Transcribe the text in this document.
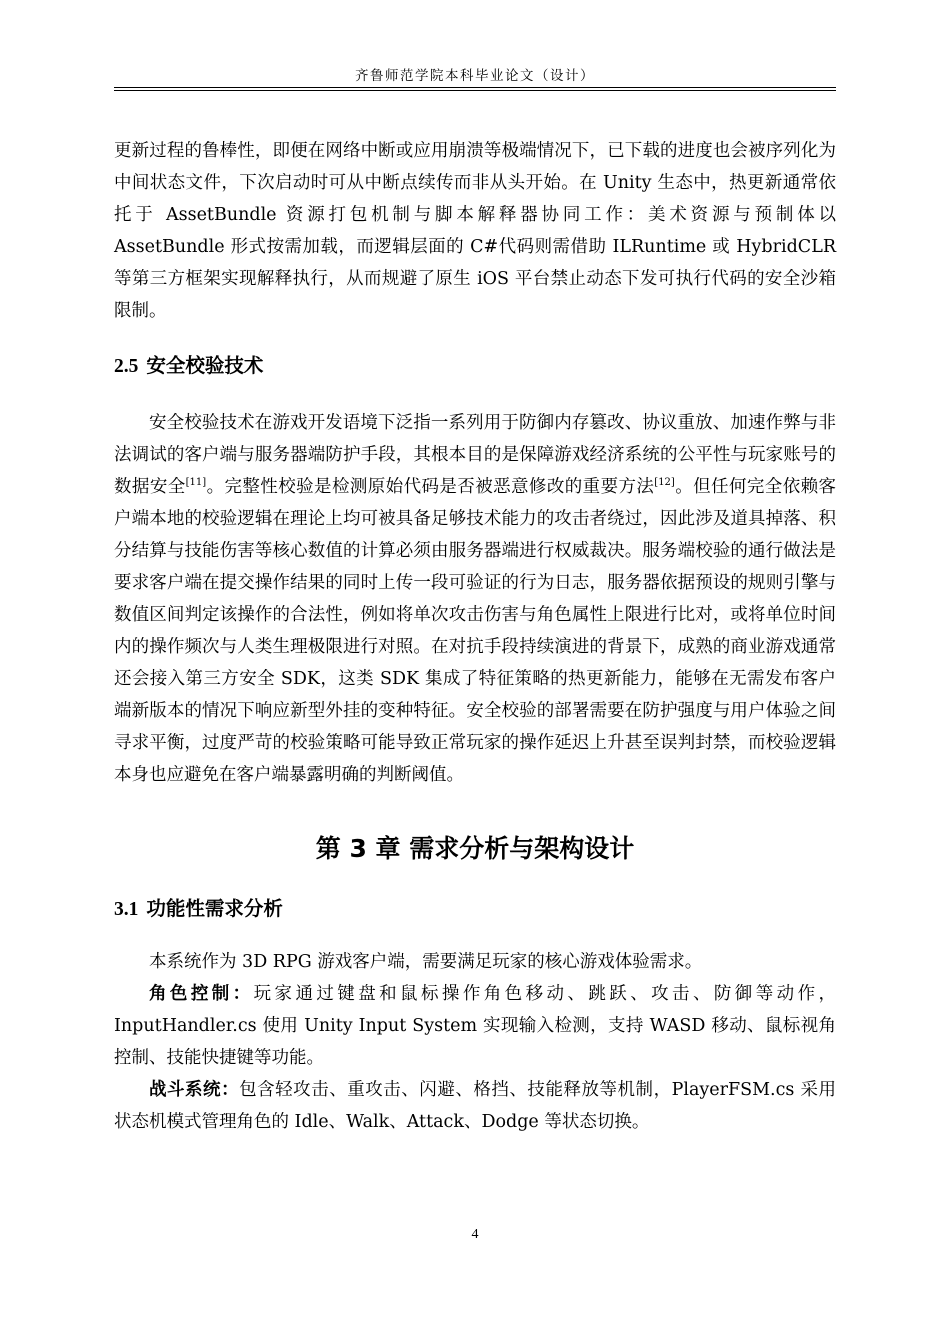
齐鲁师范学院本科毕业论文（设计）

更新过程的鲁棒性，即便在网络中断或应用崩溃等极端情况下，已下载的进度也会被序列化为中间状态文件，下次启动时可从中断点续传而非从头开始。在 Unity 生态中，热更新通常依托于 AssetBundle 资源打包机制与脚本解释器协同工作：美术资源与预制体以 AssetBundle 形式按需加载，而逻辑层面的 C#代码则需借助 ILRuntime 或 HybridCLR 等第三方框架实现解释执行，从而规避了原生 iOS 平台禁止动态下发可执行代码的安全沙箱限制。

2.5 安全校验技术

安全校验技术在游戏开发语境下泛指一系列用于防御内存篡改、协议重放、加速作弊与非法调试的客户端与服务器端防护手段，其根本目的是保障游戏经济系统的公平性与玩家账号的数据安全[11]。完整性校验是检测原始代码是否被恶意修改的重要方法[12]。但任何完全依赖客户端本地的校验逻辑在理论上均可被具备足够技术能力的攻击者绕过，因此涉及道具掉落、积分结算与技能伤害等核心数值的计算必须由服务器端进行权威裁决。服务端校验的通行做法是要求客户端在提交操作结果的同时上传一段可验证的行为日志，服务器依据预设的规则引擎与数值区间判定该操作的合法性，例如将单次攻击伤害与角色属性上限进行比对，或将单位时间内的操作频次与人类生理极限进行对照。在对抗手段持续演进的背景下，成熟的商业游戏通常还会接入第三方安全 SDK，这类 SDK 集成了特征策略的热更新能力，能够在无需发布客户端新版本的情况下响应新型外挂的变种特征。安全校验的部署需要在防护强度与用户体验之间寻求平衡，过度严苛的校验策略可能导致正常玩家的操作延迟上升甚至误判封禁，而校验逻辑本身也应避免在客户端暴露明确的判断阈值。

第 3 章 需求分析与架构设计
3.1 功能性需求分析

本系统作为 3D RPG 游戏客户端，需要满足玩家的核心游戏体验需求。

角色控制：玩家通过键盘和鼠标操作角色移动、跳跃、攻击、防御等动作，InputHandler.cs 使用 Unity Input System 实现输入检测，支持 WASD 移动、鼠标视角控制、技能快捷键等功能。

战斗系统：包含轻攻击、重攻击、闪避、格挡、技能释放等机制，PlayerFSM.cs 采用状态机模式管理角色的 Idle、Walk、Attack、Dodge 等状态切换。

4
